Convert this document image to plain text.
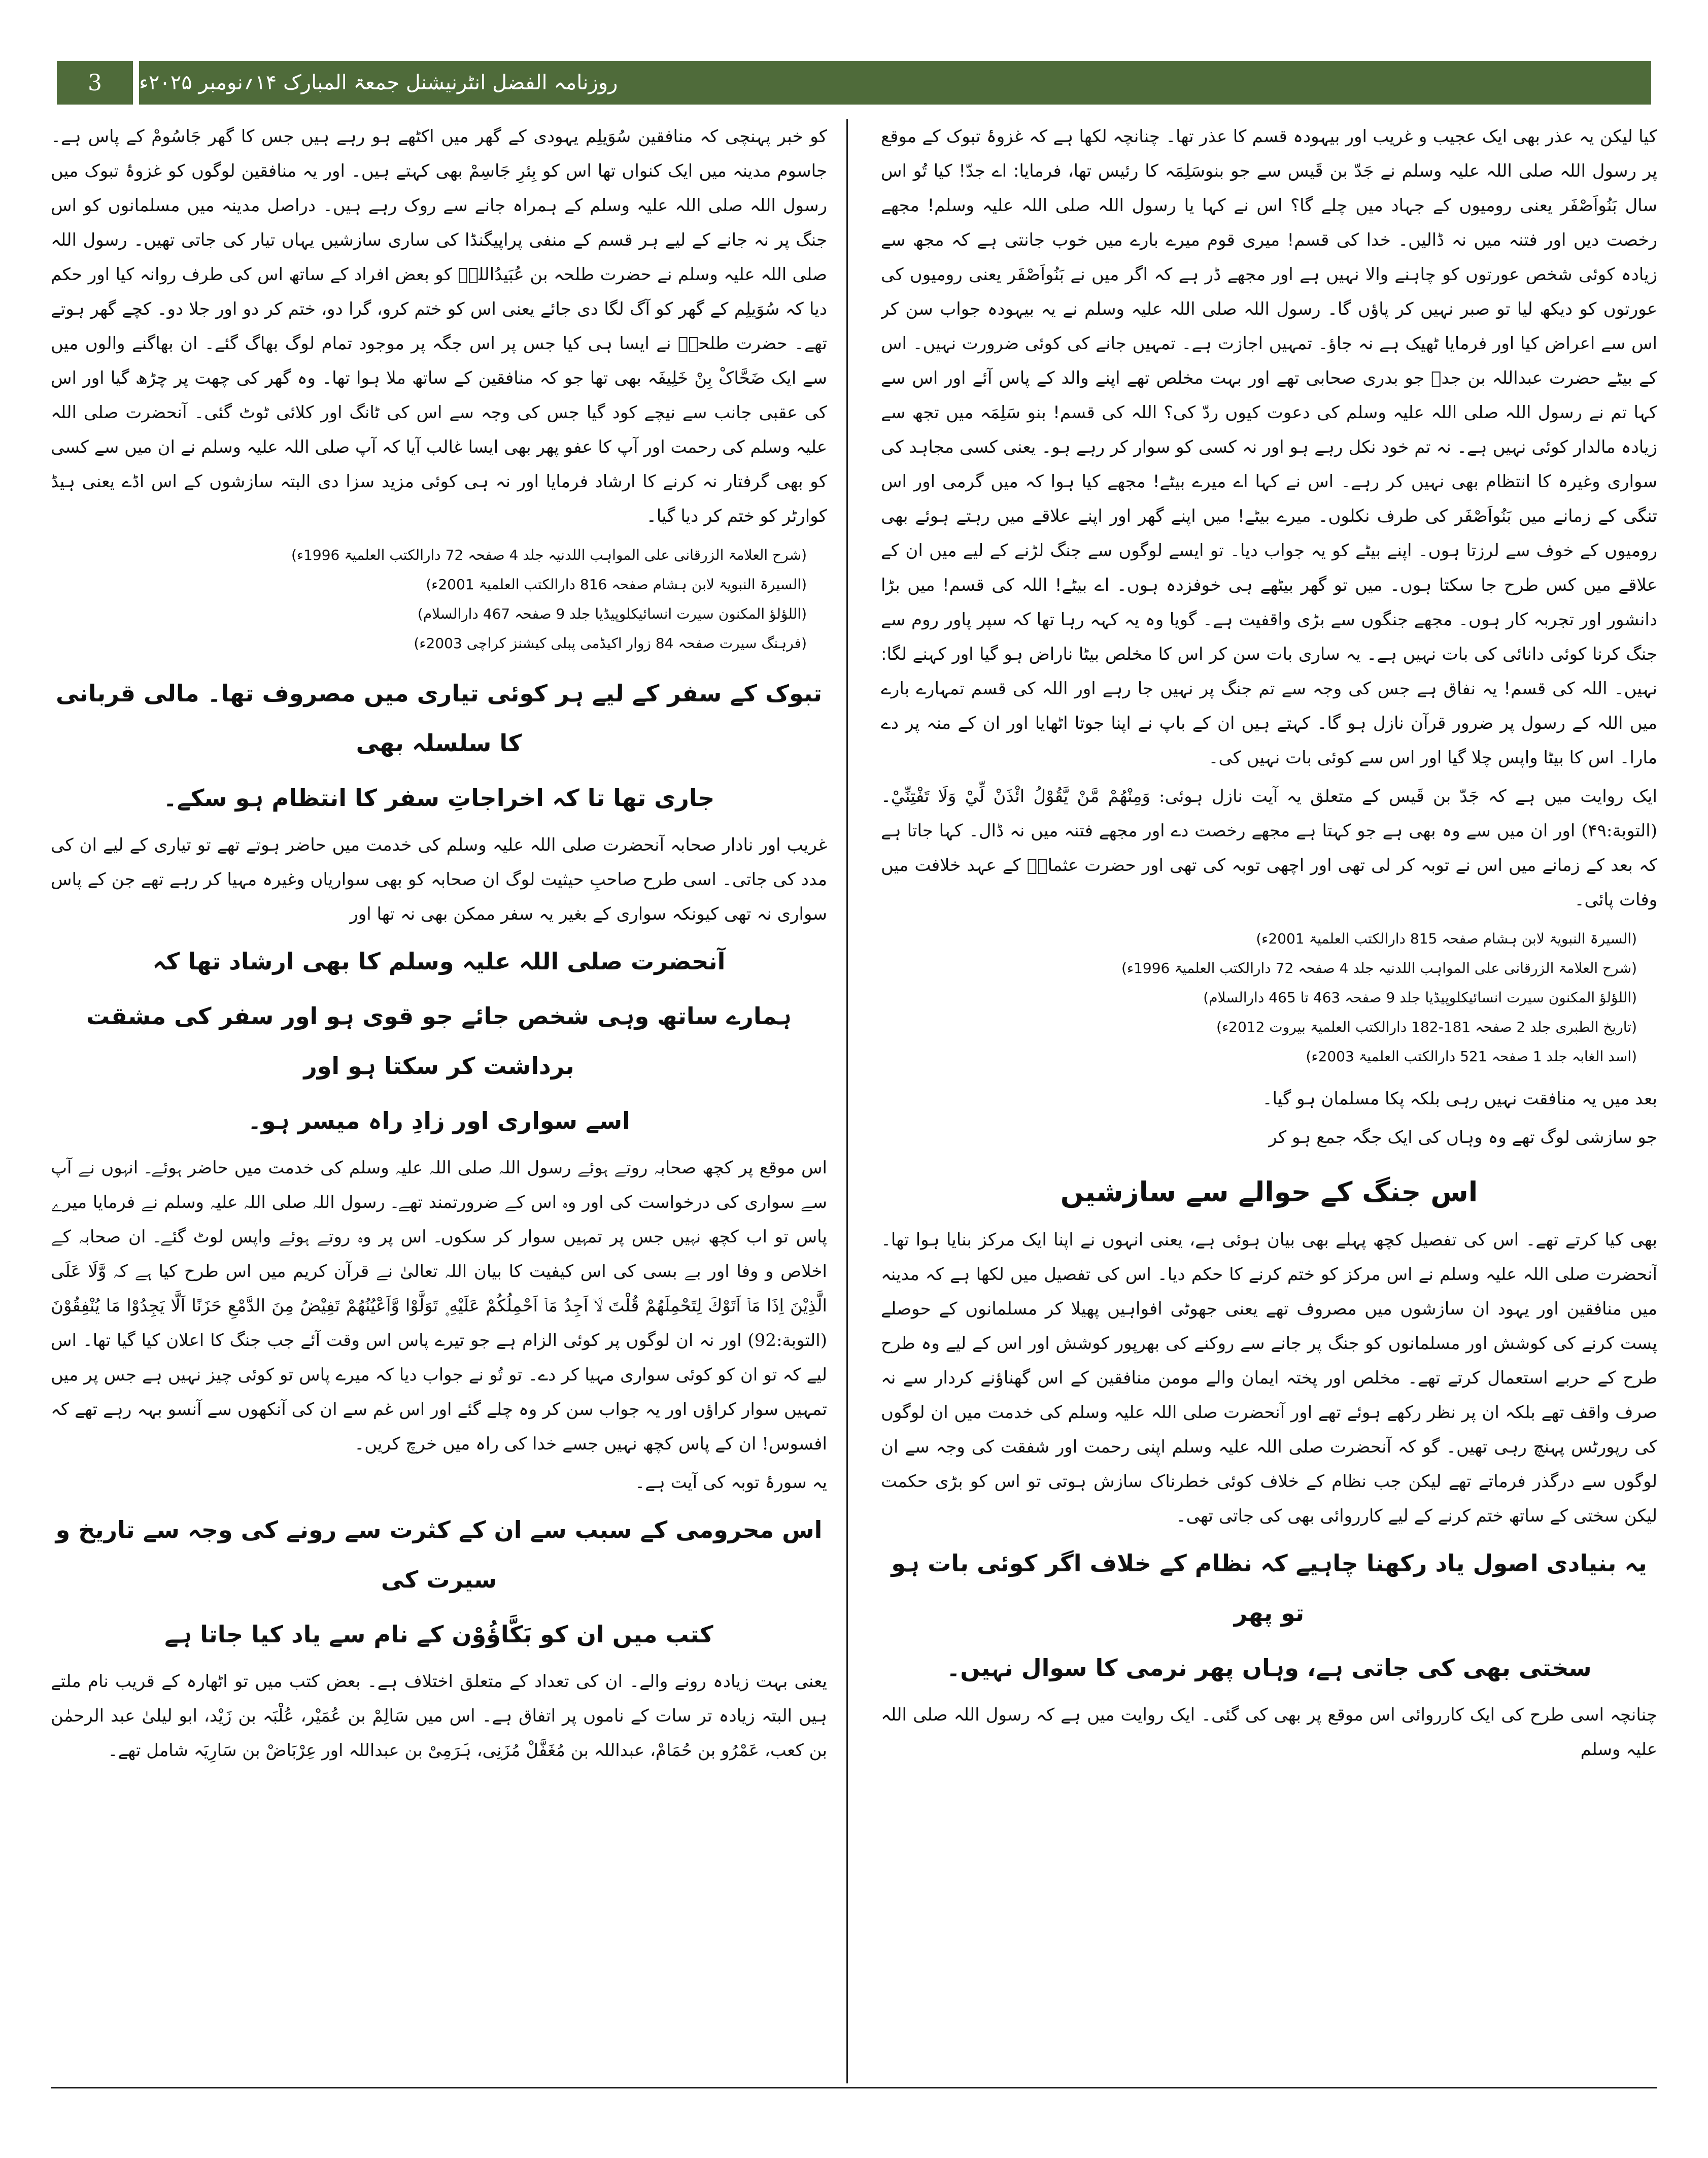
3	روزنامہ الفضل انٹرنیشنل جمعۃ المبارک ۱۴؍نومبر ۲۰۲۵ء

کیا لیکن یہ عذر بھی ایک عجیب و غریب اور بیہودہ قسم کا عذر تھا۔ چنانچہ لکھا ہے کہ غزوۂ تبوک کے موقع پر رسول اللہ صلی اللہ علیہ وسلم نے جَدّ بن قَیس سے جو بنوسَلِمَہ کا رئیس تھا، فرمایا: اے جدّ! کیا تُو اس سال بَنُواَصْفَر یعنی رومیوں کے جہاد میں چلے گا؟ اس نے کہا یا رسول اللہ صلی اللہ علیہ وسلم! مجھے رخصت دیں اور فتنہ میں نہ ڈالیں۔ خدا کی قسم! میری قوم میرے بارے میں خوب جانتی ہے کہ مجھ سے زیادہ کوئی شخص عورتوں کو چاہنے والا نہیں ہے اور مجھے ڈر ہے کہ اگر میں نے بَنُواَصْفَر یعنی رومیوں کی عورتوں کو دیکھ لیا تو صبر نہیں کر پاؤں گا۔ رسول اللہ صلی اللہ علیہ وسلم نے یہ بیہودہ جواب سن کر اس سے اعراض کیا اور فرمایا ٹھیک ہے نہ جاؤ۔ تمہیں اجازت ہے۔ تمہیں جانے کی کوئی ضرورت نہیں۔ اس کے بیٹے حضرت عبداللہ بن جدؓ جو بدری صحابی تھے اور بہت مخلص تھے اپنے والد کے پاس آئے اور اس سے کہا تم نے رسول اللہ صلی اللہ علیہ وسلم کی دعوت کیوں ردّ کی؟ اللہ کی قسم! بنو سَلِمَہ میں تجھ سے زیادہ مالدار کوئی نہیں ہے۔ نہ تم خود نکل رہے ہو اور نہ کسی کو سوار کر رہے ہو۔ یعنی کسی مجاہد کی سواری وغیرہ کا انتظام بھی نہیں کر رہے۔ اس نے کہا اے میرے بیٹے! مجھے کیا ہوا کہ میں گرمی اور اس تنگی کے زمانے میں بَنُواَصْفَر کی طرف نکلوں۔ میرے بیٹے! میں اپنے گھر اور اپنے علاقے میں رہتے ہوئے بھی رومیوں کے خوف سے لرزتا ہوں۔ اپنے بیٹے کو یہ جواب دیا۔ تو ایسے لوگوں سے جنگ لڑنے کے لیے میں ان کے علاقے میں کس طرح جا سکتا ہوں۔ میں تو گھر بیٹھے ہی خوفزدہ ہوں۔ اے بیٹے! اللہ کی قسم! میں بڑا دانشور اور تجربہ کار ہوں۔ مجھے جنگوں سے بڑی واقفیت ہے۔ گویا وہ یہ کہہ رہا تھا کہ سپر پاور روم سے جنگ کرنا کوئی دانائی کی بات نہیں ہے۔ یہ ساری بات سن کر اس کا مخلص بیٹا ناراض ہو گیا اور کہنے لگا: نہیں۔ اللہ کی قسم! یہ نفاق ہے جس کی وجہ سے تم جنگ پر نہیں جا رہے اور اللہ کی قسم تمہارے بارے میں اللہ کے رسول پر ضرور قرآن نازل ہو گا۔ کہتے ہیں ان کے باپ نے اپنا جوتا اٹھایا اور ان کے منہ پر دے مارا۔ اس کا بیٹا واپس چلا گیا اور اس سے کوئی بات نہیں کی۔

ایک روایت میں ہے کہ جَدّ بن قَیس کے متعلق یہ آیت نازل ہوئی: وَمِنْهُمْ مَّنْ يَّقُوْلُ ائْذَنْ لِّيْ وَلَا تَفْتِنِّيْ۔ (التوبة:۴۹) اور ان میں سے وہ بھی ہے جو کہتا ہے مجھے رخصت دے اور مجھے فتنہ میں نہ ڈال۔ کہا جاتا ہے کہ بعد کے زمانے میں اس نے توبہ کر لی تھی اور اچھی توبہ کی تھی اور حضرت عثمانؓ کے عہد خلافت میں وفات پائی۔

(السیرۃ النبویۃ لابن ہشام صفحہ 815 دارالکتب العلمیۃ 2001ء)

(شرح العلامۃ الزرقانی علی المواہب اللدنیہ جلد 4 صفحہ 72 دارالکتب العلمیۃ 1996ء)

(اللؤلؤ المکنون سیرت انسائیکلوپیڈیا جلد 9 صفحہ 463 تا 465 دارالسلام)

(تاریخ الطبری جلد 2 صفحہ 181-182 دارالکتب العلمیۃ بیروت 2012ء)

(اسد الغابہ جلد 1 صفحہ 521 دارالکتب العلمیۃ 2003ء)

بعد میں یہ منافقت نہیں رہی بلکہ پکا مسلمان ہو گیا۔

جو سازشی لوگ تھے وہ وہاں کی ایک جگہ جمع ہو کر

اس جنگ کے حوالے سے سازشیں

بھی کیا کرتے تھے۔ اس کی تفصیل کچھ پہلے بھی بیان ہوئی ہے، یعنی انہوں نے اپنا ایک مرکز بنایا ہوا تھا۔ آنحضرت صلی اللہ علیہ وسلم نے اس مرکز کو ختم کرنے کا حکم دیا۔ اس کی تفصیل میں لکھا ہے کہ مدینہ میں منافقین اور یہود ان سازشوں میں مصروف تھے یعنی جھوٹی افواہیں پھیلا کر مسلمانوں کے حوصلے پست کرنے کی کوشش اور مسلمانوں کو جنگ پر جانے سے روکنے کی بھرپور کوشش اور اس کے لیے وہ طرح طرح کے حربے استعمال کرتے تھے۔ مخلص اور پختہ ایمان والے مومن منافقین کے اس گھناؤنے کردار سے نہ صرف واقف تھے بلکہ ان پر نظر رکھے ہوئے تھے اور آنحضرت صلی اللہ علیہ وسلم کی خدمت میں ان لوگوں کی رپورٹس پہنچ رہی تھیں۔ گو کہ آنحضرت صلی اللہ علیہ وسلم اپنی رحمت اور شفقت کی وجہ سے ان لوگوں سے درگذر فرماتے تھے لیکن جب نظام کے خلاف کوئی خطرناک سازش ہوتی تو اس کو بڑی حکمت لیکن سختی کے ساتھ ختم کرنے کے لیے کارروائی بھی کی جاتی تھی۔

یہ بنیادی اصول یاد رکھنا چاہیے کہ نظام کے خلاف اگر کوئی بات ہو تو پھر
سختی بھی کی جاتی ہے، وہاں پھر نرمی کا سوال نہیں۔

چنانچہ اسی طرح کی ایک کارروائی اس موقع پر بھی کی گئی۔ ایک روایت میں ہے کہ رسول اللہ صلی اللہ علیہ وسلم

کو خبر پہنچی کہ منافقین سُوَیلِم یہودی کے گھر میں اکٹھے ہو رہے ہیں جس کا گھر جَاسُومْ کے پاس ہے۔ جاسوم مدینہ میں ایک کنواں تھا اس کو بِئرِ جَاسِمْ بھی کہتے ہیں۔ اور یہ منافقین لوگوں کو غزوۂ تبوک میں رسول اللہ صلی اللہ علیہ وسلم کے ہمراہ جانے سے روک رہے ہیں۔ دراصل مدینہ میں مسلمانوں کو اس جنگ پر نہ جانے کے لیے ہر قسم کے منفی پراپیگنڈا کی ساری سازشیں یہاں تیار کی جاتی تھیں۔ رسول اللہ صلی اللہ علیہ وسلم نے حضرت طلحہ بن عُبَیدُاللہؓ کو بعض افراد کے ساتھ اس کی طرف روانہ کیا اور حکم دیا کہ سُوَیلِم کے گھر کو آگ لگا دی جائے یعنی اس کو ختم کرو، گرا دو، ختم کر دو اور جلا دو۔ کچے گھر ہوتے تھے۔ حضرت طلحہؓ نے ایسا ہی کیا جس پر اس جگہ پر موجود تمام لوگ بھاگ گئے۔ ان بھاگنے والوں میں سے ایک ضَحَّاکْ بِنْ خَلِیفَہ بھی تھا جو کہ منافقین کے ساتھ ملا ہوا تھا۔ وہ گھر کی چھت پر چڑھ گیا اور اس کی عقبی جانب سے نیچے کود گیا جس کی وجہ سے اس کی ٹانگ اور کلائی ٹوٹ گئی۔ آنحضرت صلی اللہ علیہ وسلم کی رحمت اور آپ کا عفو پھر بھی ایسا غالب آیا کہ آپ صلی اللہ علیہ وسلم نے ان میں سے کسی کو بھی گرفتار نہ کرنے کا ارشاد فرمایا اور نہ ہی کوئی مزید سزا دی البتہ سازشوں کے اس اڈے یعنی ہیڈ کوارٹر کو ختم کر دیا گیا۔

(شرح العلامۃ الزرقانی علی المواہب اللدنیہ جلد 4 صفحہ 72 دارالکتب العلمیۃ 1996ء)

(السیرۃ النبویۃ لابن ہشام صفحہ 816 دارالکتب العلمیۃ 2001ء)

(اللؤلؤ المکنون سیرت انسائیکلوپیڈیا جلد 9 صفحہ 467 دارالسلام)

(فرہنگ سیرت صفحہ 84 زوار اکیڈمی پبلی کیشنز کراچی 2003ء)

تبوک کے سفر کے لیے ہر کوئی تیاری میں مصروف تھا۔ مالی قربانی کا سلسلہ بھی
جاری تھا تا کہ اخراجاتِ سفر کا انتظام ہو سکے۔

غریب اور نادار صحابہ آنحضرت صلی اللہ علیہ وسلم کی خدمت میں حاضر ہوتے تھے تو تیاری کے لیے ان کی مدد کی جاتی۔ اسی طرح صاحبِ حیثیت لوگ ان صحابہ کو بھی سواریاں وغیرہ مہیا کر رہے تھے جن کے پاس سواری نہ تھی کیونکہ سواری کے بغیر یہ سفر ممکن بھی نہ تھا اور

آنحضرت صلی اللہ علیہ وسلم کا بھی ارشاد تھا کہ
ہمارے ساتھ وہی شخص جائے جو قوی ہو اور سفر کی مشقت برداشت کر سکتا ہو اور
اسے سواری اور زادِ راہ میسر ہو۔

اس موقع پر کچھ صحابہ روتے ہوئے رسول اللہ صلی اللہ علیہ وسلم کی خدمت میں حاضر ہوئے۔ انہوں نے آپ سے سواری کی درخواست کی اور وہ اس کے ضرورتمند تھے۔ رسول اللہ صلی اللہ علیہ وسلم نے فرمایا میرے پاس تو اب کچھ نہیں جس پر تمہیں سوار کر سکوں۔ اس پر وہ روتے ہوئے واپس لوٹ گئے۔ ان صحابہ کے اخلاص و وفا اور بے بسی کی اس کیفیت کا بیان اللہ تعالیٰ نے قرآن کریم میں اس طرح کیا ہے کہ وَّلَا عَلَى الَّذِيْنَ اِذَا مَاۤ اَتَوْكَ لِتَحْمِلَهُمْ قُلْتَ لَاۤ اَجِدُ مَاۤ اَحْمِلُكُمْ عَلَيْهِ ۪ تَوَلَّوْا وَّاَعْيُنُهُمْ تَفِيْضُ مِنَ الدَّمْعِ حَزَنًا اَلَّا يَجِدُوْا مَا يُنْفِقُوْنَ (التوبة:92) اور نہ ان لوگوں پر کوئی الزام ہے جو تیرے پاس اس وقت آئے جب جنگ کا اعلان کیا گیا تھا۔ اس لیے کہ تو ان کو کوئی سواری مہیا کر دے۔ تو تُو نے جواب دیا کہ میرے پاس تو کوئی چیز نہیں ہے جس پر میں تمہیں سوار کراؤں اور یہ جواب سن کر وہ چلے گئے اور اس غم سے ان کی آنکھوں سے آنسو بہہ رہے تھے کہ افسوس! ان کے پاس کچھ نہیں جسے خدا کی راہ میں خرچ کریں۔

یہ سورۂ توبہ کی آیت ہے۔

اس محرومی کے سبب سے ان کے کثرت سے رونے کی وجہ سے تاریخ و سیرت کی
کتب میں ان کو بَکَّاؤُوْن کے نام سے یاد کیا جاتا ہے

یعنی بہت زیادہ رونے والے۔ ان کی تعداد کے متعلق اختلاف ہے۔ بعض کتب میں تو اٹھارہ کے قریب نام ملتے ہیں البتہ زیادہ تر سات کے ناموں پر اتفاق ہے۔ اس میں سَالِمْ بن عُمَیْر، عُلْبَہ بن زَیْد، ابو لیلیٰ عبد الرحمٰن بن کعب، عَمْرُو بن حُمَامْ، عبداللہ بن مُغَفَّلْ مُزَنِی، ہَرَمِیْ بن عبداللہ اور عِرْبَاضْ بن سَارِیَہ شامل تھے۔
